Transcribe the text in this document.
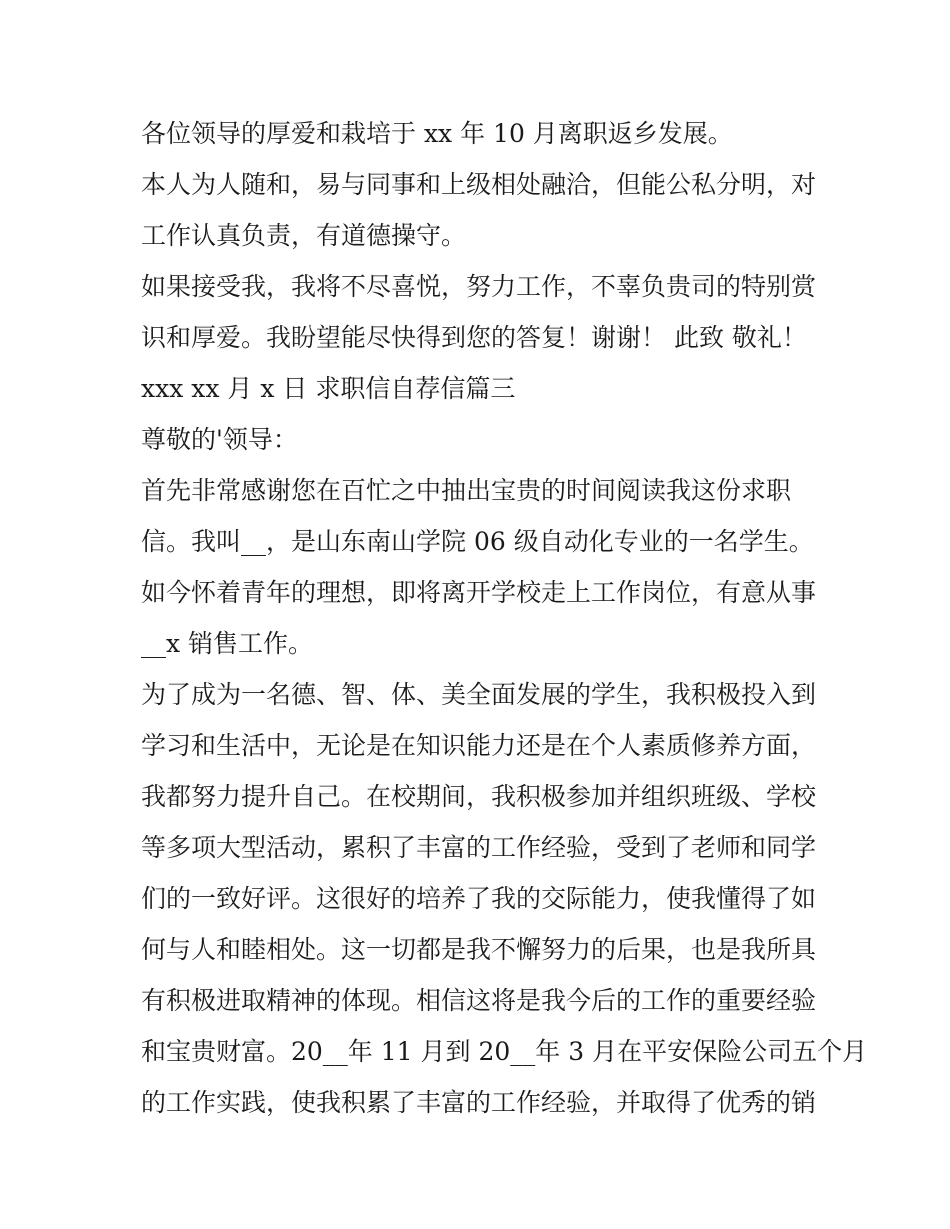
各位领导的厚爱和栽培于 xx 年 10 月离职返乡发展。
本人为人随和，易与同事和上级相处融洽，但能公私分明，对
工作认真负责，有道德操守。
如果接受我，我将不尽喜悦，努力工作，不辜负贵司的特别赏
识和厚爱。我盼望能尽快得到您的答复！谢谢！ 此致 敬礼！
xxx xx 月 x 日 求职信自荐信篇三
尊敬的'领导：
首先非常感谢您在百忙之中抽出宝贵的时间阅读我这份求职
信。我叫__，是山东南山学院 06 级自动化专业的一名学生。
如今怀着青年的理想，即将离开学校走上工作岗位，有意从事
__x 销售工作。
为了成为一名德、智、体、美全面发展的学生，我积极投入到
学习和生活中，无论是在知识能力还是在个人素质修养方面，
我都努力提升自己。在校期间，我积极参加并组织班级、学校
等多项大型活动，累积了丰富的工作经验，受到了老师和同学
们的一致好评。这很好的培养了我的交际能力，使我懂得了如
何与人和睦相处。这一切都是我不懈努力的后果，也是我所具
有积极进取精神的体现。相信这将是我今后的工作的重要经验
和宝贵财富。20__年 11 月到 20__年 3 月在平安保险公司五个月
的工作实践，使我积累了丰富的工作经验，并取得了优秀的销
